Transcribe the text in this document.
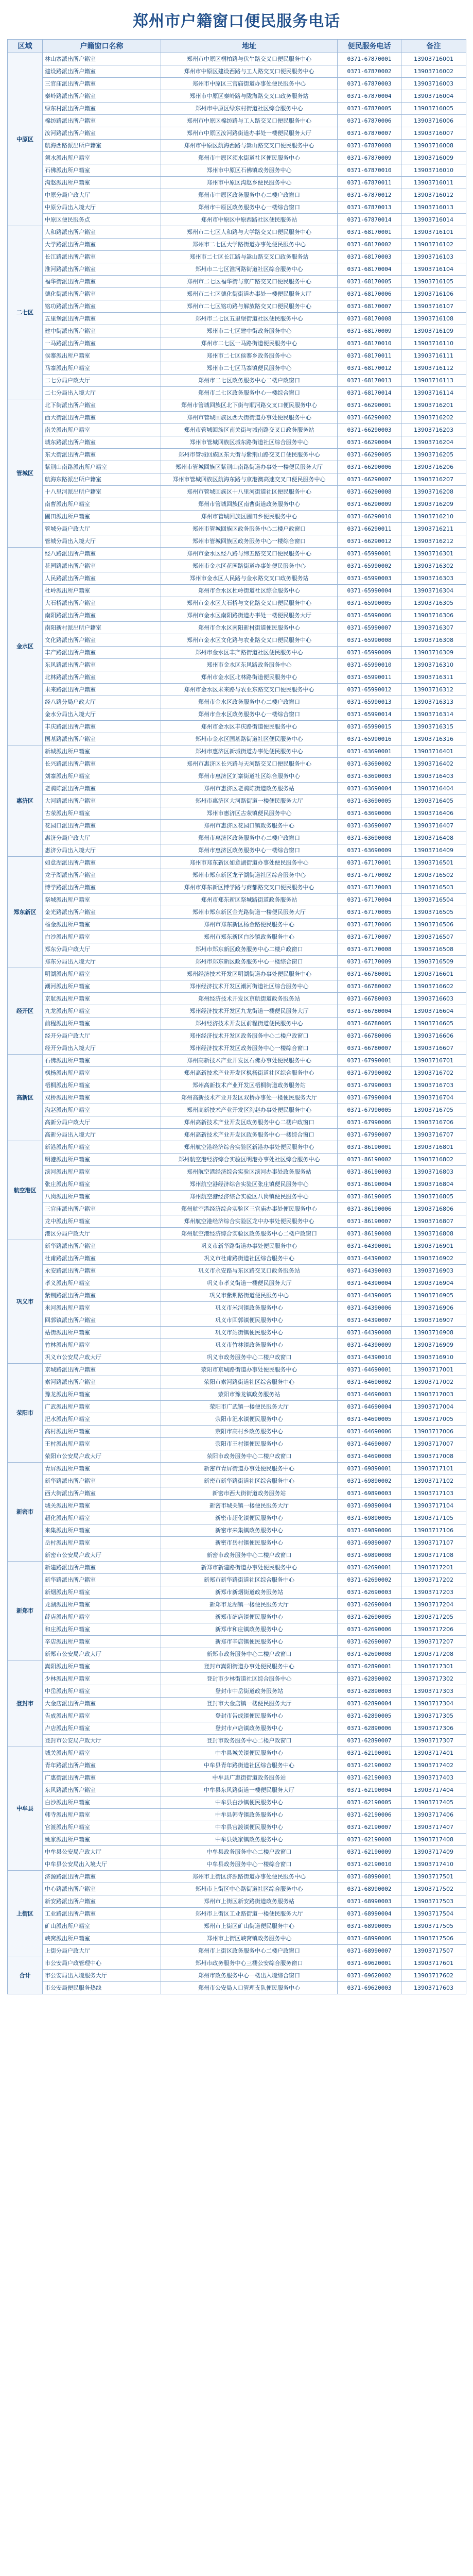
郑州市户籍窗口便民服务电话
区域	户籍窗口名称	地址	便民服务电话	备注
中原区	林山寨派出所户籍室	郑州市中原区桐柏路与伏牛路交叉口便民服务中心	0371-67870001	13903716001
	建设路派出所户籍室	郑州市中原区建设西路与工人路交叉口便民服务中心	0371-67870002	13903716002
	三官庙派出所户籍室	郑州市中原区三官庙街道办事处便民服务中心	0371-67870003	13903716003
	秦岭路派出所户籍室	郑州市中原区秦岭路与陇海路交叉口政务服务站	0371-67870004	13903716004
	绿东村派出所户籍室	郑州市中原区绿东村街道社区综合服务中心	0371-67870005	13903716005
	棉纺路派出所户籍室	郑州市中原区棉纺路与工人路交叉口便民服务中心	0371-67870006	13903716006
	汝河路派出所户籍室	郑州市中原区汝河路街道办事处一楼便民服务大厅	0371-67870007	13903716007
	航海西路派出所户籍室	郑州市中原区航海西路与嵩山路交叉口便民服务中心	0371-67870008	13903716008
	须水派出所户籍室	郑州市中原区须水街道社区便民服务中心	0371-67870009	13903716009
	石佛派出所户籍室	郑州市中原区石佛镇政务服务中心	0371-67870010	13903716010
	沟赵派出所户籍室	郑州市中原区沟赵乡便民服务中心	0371-67870011	13903716011
	中原分局户政大厅	郑州市中原区政务服务中心二楼户政窗口	0371-67870012	13903716012
	中原分局出入境大厅	郑州市中原区政务服务中心一楼综合窗口	0371-67870013	13903716013
	中原区便民服务点	郑州市中原区中原西路社区便民服务站	0371-67870014	13903716014
二七区	人和路派出所户籍室	郑州市二七区人和路与大学路交叉口便民服务中心	0371-68170001	13903716101
	大学路派出所户籍室	郑州市二七区大学路街道办事处便民服务中心	0371-68170002	13903716102
	长江路派出所户籍室	郑州市二七区长江路与嵩山路交叉口政务服务站	0371-68170003	13903716103
	淮河路派出所户籍室	郑州市二七区淮河路街道社区综合服务中心	0371-68170004	13903716104
	福华街派出所户籍室	郑州市二七区福华街与京广路交叉口便民服务中心	0371-68170005	13903716105
	德化街派出所户籍室	郑州市二七区德化街街道办事处一楼便民服务大厅	0371-68170006	13903716106
	铭功路派出所户籍室	郑州市二七区铭功路与解放路交叉口便民服务中心	0371-68170007	13903716107
	五里堡派出所户籍室	郑州市二七区五里堡街道社区便民服务中心	0371-68170008	13903716108
	建中街派出所户籍室	郑州市二七区建中街政务服务中心	0371-68170009	13903716109
	一马路派出所户籍室	郑州市二七区一马路街道便民服务中心	0371-68170010	13903716110
	侯寨派出所户籍室	郑州市二七区侯寨乡政务服务中心	0371-68170011	13903716111
	马寨派出所户籍室	郑州市二七区马寨镇便民服务中心	0371-68170012	13903716112
	二七分局户政大厅	郑州市二七区政务服务中心二楼户政窗口	0371-68170013	13903716113
	二七分局出入境大厅	郑州市二七区政务服务中心一楼综合窗口	0371-68170014	13903716114
管城区	北下街派出所户籍室	郑州市管城回族区北下街与顺河路交叉口便民服务中心	0371-66290001	13903716201
	西大街派出所户籍室	郑州市管城回族区西大街街道办事处便民服务中心	0371-66290002	13903716202
	南关派出所户籍室	郑州市管城回族区南关街与城南路交叉口政务服务站	0371-66290003	13903716203
	城东路派出所户籍室	郑州市管城回族区城东路街道社区综合服务中心	0371-66290004	13903716204
	东大街派出所户籍室	郑州市管城回族区东大街与紫荆山路交叉口便民服务中心	0371-66290005	13903716205
	紫荆山南路派出所户籍室	郑州市管城回族区紫荆山南路街道办事处一楼便民服务大厅	0371-66290006	13903716206
	航海东路派出所户籍室	郑州市管城回族区航海东路与京港澳高速交叉口便民服务中心	0371-66290007	13903716207
	十八里河派出所户籍室	郑州市管城回族区十八里河街道社区便民服务中心	0371-66290008	13903716208
	南曹派出所户籍室	郑州市管城回族区南曹街道政务服务中心	0371-66290009	13903716209
	圃田派出所户籍室	郑州市管城回族区圃田乡便民服务中心	0371-66290010	13903716210
	管城分局户政大厅	郑州市管城回族区政务服务中心二楼户政窗口	0371-66290011	13903716211
	管城分局出入境大厅	郑州市管城回族区政务服务中心一楼综合窗口	0371-66290012	13903716212
金水区	经八路派出所户籍室	郑州市金水区经八路与纬五路交叉口便民服务中心	0371-65990001	13903716301
	花园路派出所户籍室	郑州市金水区花园路街道办事处便民服务中心	0371-65990002	13903716302
	人民路派出所户籍室	郑州市金水区人民路与金水路交叉口政务服务站	0371-65990003	13903716303
	杜岭派出所户籍室	郑州市金水区杜岭街道社区综合服务中心	0371-65990004	13903716304
	大石桥派出所户籍室	郑州市金水区大石桥与文化路交叉口便民服务中心	0371-65990005	13903716305
	南阳路派出所户籍室	郑州市金水区南阳路街道办事处一楼便民服务大厅	0371-65990006	13903716306
	南阳新村派出所户籍室	郑州市金水区南阳新村街道便民服务中心	0371-65990007	13903716307
	文化路派出所户籍室	郑州市金水区文化路与农业路交叉口便民服务中心	0371-65990008	13903716308
	丰产路派出所户籍室	郑州市金水区丰产路街道社区便民服务中心	0371-65990009	13903716309
	东风路派出所户籍室	郑州市金水区东风路政务服务中心	0371-65990010	13903716310
	北林路派出所户籍室	郑州市金水区北林路街道便民服务中心	0371-65990011	13903716311
	未来路派出所户籍室	郑州市金水区未来路与农业东路交叉口便民服务中心	0371-65990012	13903716312
	经八路分局户政大厅	郑州市金水区政务服务中心二楼户政窗口	0371-65990013	13903716313
	金水分局出入境大厅	郑州市金水区政务服务中心一楼综合窗口	0371-65990014	13903716314
	丰庆路派出所户籍室	郑州市金水区丰庆路街道便民服务中心	0371-65990015	13903716315
	国基路派出所户籍室	郑州市金水区国基路街道社区便民服务中心	0371-65990016	13903716316
惠济区	新城派出所户籍室	郑州市惠济区新城街道办事处便民服务中心	0371-63690001	13903716401
	长兴路派出所户籍室	郑州市惠济区长兴路与天河路交叉口便民服务中心	0371-63690002	13903716402
	刘寨派出所户籍室	郑州市惠济区刘寨街道社区综合服务中心	0371-63690003	13903716403
	老鸦陈派出所户籍室	郑州市惠济区老鸦陈街道政务服务站	0371-63690004	13903716404
	大河路派出所户籍室	郑州市惠济区大河路街道一楼便民服务大厅	0371-63690005	13903716405
	古荥派出所户籍室	郑州市惠济区古荥镇便民服务中心	0371-63690006	13903716406
	花园口派出所户籍室	郑州市惠济区花园口镇政务服务中心	0371-63690007	13903716407
	惠济分局户政大厅	郑州市惠济区政务服务中心二楼户政窗口	0371-63690008	13903716408
	惠济分局出入境大厅	郑州市惠济区政务服务中心一楼综合窗口	0371-63690009	13903716409
郑东新区	如意湖派出所户籍室	郑州市郑东新区如意湖街道办事处便民服务中心	0371-67170001	13903716501
	龙子湖派出所户籍室	郑州市郑东新区龙子湖街道社区综合服务中心	0371-67170002	13903716502
	博学路派出所户籍室	郑州市郑东新区博学路与商都路交叉口便民服务中心	0371-67170003	13903716503
	祭城派出所户籍室	郑州市郑东新区祭城路街道政务服务站	0371-67170004	13903716504
	金光路派出所户籍室	郑州市郑东新区金光路街道一楼便民服务大厅	0371-67170005	13903716505
	杨金派出所户籍室	郑州市郑东新区杨金路便民服务中心	0371-67170006	13903716506
	白沙派出所户籍室	郑州市郑东新区白沙镇政务服务中心	0371-67170007	13903716507
	郑东分局户政大厅	郑州市郑东新区政务服务中心二楼户政窗口	0371-67170008	13903716508
	郑东分局出入境大厅	郑州市郑东新区政务服务中心一楼综合窗口	0371-67170009	13903716509
经开区	明湖派出所户籍室	郑州经济技术开发区明湖街道办事处便民服务中心	0371-66780001	13903716601
	潮河派出所户籍室	郑州经济技术开发区潮河街道社区综合服务中心	0371-66780002	13903716602
	京航派出所户籍室	郑州经济技术开发区京航街道政务服务站	0371-66780003	13903716603
	九龙派出所户籍室	郑州经济技术开发区九龙街道一楼便民服务大厅	0371-66780004	13903716604
	前程派出所户籍室	郑州经济技术开发区前程街道便民服务中心	0371-66780005	13903716605
	经开分局户政大厅	郑州经济技术开发区政务服务中心二楼户政窗口	0371-66780006	13903716606
	经开分局出入境大厅	郑州经济技术开发区政务服务中心一楼综合窗口	0371-66780007	13903716607
高新区	石佛派出所户籍室	郑州高新技术产业开发区石佛办事处便民服务中心	0371-67990001	13903716701
	枫杨派出所户籍室	郑州高新技术产业开发区枫杨街道社区综合服务中心	0371-67990002	13903716702
	梧桐派出所户籍室	郑州高新技术产业开发区梧桐街道政务服务站	0371-67990003	13903716703
	双桥派出所户籍室	郑州高新技术产业开发区双桥办事处一楼便民服务大厅	0371-67990004	13903716704
	沟赵派出所户籍室	郑州高新技术产业开发区沟赵办事处便民服务中心	0371-67990005	13903716705
	高新分局户政大厅	郑州高新技术产业开发区政务服务中心二楼户政窗口	0371-67990006	13903716706
	高新分局出入境大厅	郑州高新技术产业开发区政务服务中心一楼综合窗口	0371-67990007	13903716707
航空港区	新港派出所户籍室	郑州航空港经济综合实验区新港办事处便民服务中心	0371-86190001	13903716801
	明港派出所户籍室	郑州航空港经济综合实验区明港办事处社区综合服务中心	0371-86190002	13903716802
	滨河派出所户籍室	郑州航空港经济综合实验区滨河办事处政务服务站	0371-86190003	13903716803
	张庄派出所户籍室	郑州航空港经济综合实验区张庄镇便民服务中心	0371-86190004	13903716804
	八岗派出所户籍室	郑州航空港经济综合实验区八岗镇便民服务中心	0371-86190005	13903716805
	三官庙派出所户籍室	郑州航空港经济综合实验区三官庙办事处便民服务中心	0371-86190006	13903716806
	龙中派出所户籍室	郑州航空港经济综合实验区龙中办事处便民服务中心	0371-86190007	13903716807
	港区分局户政大厅	郑州航空港经济综合实验区政务服务中心二楼户政窗口	0371-86190008	13903716808
巩义市	新华路派出所户籍室	巩义市新华路街道办事处便民服务中心	0371-64390001	13903716901
	杜甫路派出所户籍室	巩义市杜甫路街道社区综合服务中心	0371-64390002	13903716902
	永安路派出所户籍室	巩义市永安路与东区路交叉口政务服务站	0371-64390003	13903716903
	孝义派出所户籍室	巩义市孝义街道一楼便民服务大厅	0371-64390004	13903716904
	紫荆路派出所户籍室	巩义市紫荆路街道便民服务中心	0371-64390005	13903716905
	米河派出所户籍室	巩义市米河镇政务服务中心	0371-64390006	13903716906
	回郭镇派出所户籍室	巩义市回郭镇便民服务中心	0371-64390007	13903716907
	站街派出所户籍室	巩义市站街镇便民服务中心	0371-64390008	13903716908
	竹林派出所户籍室	巩义市竹林镇政务服务中心	0371-64390009	13903716909
	巩义市公安局户政大厅	巩义市政务服务中心二楼户政窗口	0371-64390010	13903716910
荥阳市	京城路派出所户籍室	荥阳市京城路街道办事处便民服务中心	0371-64690001	13903717001
	索河路派出所户籍室	荥阳市索河路街道社区综合服务中心	0371-64690002	13903717002
	豫龙派出所户籍室	荥阳市豫龙镇政务服务站	0371-64690003	13903717003
	广武派出所户籍室	荥阳市广武镇一楼便民服务大厅	0371-64690004	13903717004
	汜水派出所户籍室	荥阳市汜水镇便民服务中心	0371-64690005	13903717005
	高村派出所户籍室	荥阳市高村乡政务服务中心	0371-64690006	13903717006
	王村派出所户籍室	荥阳市王村镇便民服务中心	0371-64690007	13903717007
	荥阳市公安局户政大厅	荥阳市政务服务中心二楼户政窗口	0371-64690008	13903717008
新密市	青屏派出所户籍室	新密市青屏街道办事处便民服务中心	0371-69890001	13903717101
	新华路派出所户籍室	新密市新华路街道社区综合服务中心	0371-69890002	13903717102
	西大街派出所户籍室	新密市西大街街道政务服务站	0371-69890003	13903717103
	城关派出所户籍室	新密市城关镇一楼便民服务大厅	0371-69890004	13903717104
	超化派出所户籍室	新密市超化镇便民服务中心	0371-69890005	13903717105
	来集派出所户籍室	新密市来集镇政务服务中心	0371-69890006	13903717106
	岳村派出所户籍室	新密市岳村镇便民服务中心	0371-69890007	13903717107
	新密市公安局户政大厅	新密市政务服务中心二楼户政窗口	0371-69890008	13903717108
新郑市	新建路派出所户籍室	新郑市新建路街道办事处便民服务中心	0371-62690001	13903717201
	新华路派出所户籍室	新郑市新华路街道社区综合服务中心	0371-62690002	13903717202
	新烟派出所户籍室	新郑市新烟街道政务服务站	0371-62690003	13903717203
	龙湖派出所户籍室	新郑市龙湖镇一楼便民服务大厅	0371-62690004	13903717204
	薛店派出所户籍室	新郑市薛店镇便民服务中心	0371-62690005	13903717205
	和庄派出所户籍室	新郑市和庄镇政务服务中心	0371-62690006	13903717206
	辛店派出所户籍室	新郑市辛店镇便民服务中心	0371-62690007	13903717207
	新郑市公安局户政大厅	新郑市政务服务中心二楼户政窗口	0371-62690008	13903717208
登封市	嵩阳派出所户籍室	登封市嵩阳街道办事处便民服务中心	0371-62890001	13903717301
	少林派出所户籍室	登封市少林街道社区综合服务中心	0371-62890002	13903717302
	中岳派出所户籍室	登封市中岳街道政务服务站	0371-62890003	13903717303
	大金店派出所户籍室	登封市大金店镇一楼便民服务大厅	0371-62890004	13903717304
	告成派出所户籍室	登封市告成镇便民服务中心	0371-62890005	13903717305
	卢店派出所户籍室	登封市卢店镇政务服务中心	0371-62890006	13903717306
	登封市公安局户政大厅	登封市政务服务中心二楼户政窗口	0371-62890007	13903717307
中牟县	城关派出所户籍室	中牟县城关镇便民服务中心	0371-62190001	13903717401
	青年路派出所户籍室	中牟县青年路街道社区综合服务中心	0371-62190002	13903717402
	广惠街派出所户籍室	中牟县广惠街街道政务服务站	0371-62190003	13903717403
	东风路派出所户籍室	中牟县东风路街道一楼便民服务大厅	0371-62190004	13903717404
	白沙派出所户籍室	中牟县白沙镇便民服务中心	0371-62190005	13903717405
	韩寺派出所户籍室	中牟县韩寺镇政务服务中心	0371-62190006	13903717406
	官渡派出所户籍室	中牟县官渡镇便民服务中心	0371-62190007	13903717407
	姚家派出所户籍室	中牟县姚家镇政务服务中心	0371-62190008	13903717408
	中牟县公安局户政大厅	中牟县政务服务中心二楼户政窗口	0371-62190009	13903717409
	中牟县公安局出入境大厅	中牟县政务服务中心一楼综合窗口	0371-62190010	13903717410
上街区	济源路派出所户籍室	郑州市上街区济源路街道办事处便民服务中心	0371-68990001	13903717501
	中心路派出所户籍室	郑州市上街区中心路街道社区综合服务中心	0371-68990002	13903717502
	新安路派出所户籍室	郑州市上街区新安路街道政务服务站	0371-68990003	13903717503
	工业路派出所户籍室	郑州市上街区工业路街道一楼便民服务大厅	0371-68990004	13903717504
	矿山派出所户籍室	郑州市上街区矿山街道便民服务中心	0371-68990005	13903717505
	峡窝派出所户籍室	郑州市上街区峡窝镇政务服务中心	0371-68990006	13903717506
	上街分局户政大厅	郑州市上街区政务服务中心二楼户政窗口	0371-68990007	13903717507
合计	市公安局户政管理中心	郑州市政务服务中心三楼公安综合服务窗口	0371-69620001	13903717601
	市公安局出入境服务大厅	郑州市政务服务中心一楼出入境综合窗口	0371-69620002	13903717602
	市公安局便民服务热线	郑州市公安局人口管理支队便民服务中心	0371-69620003	13903717603
